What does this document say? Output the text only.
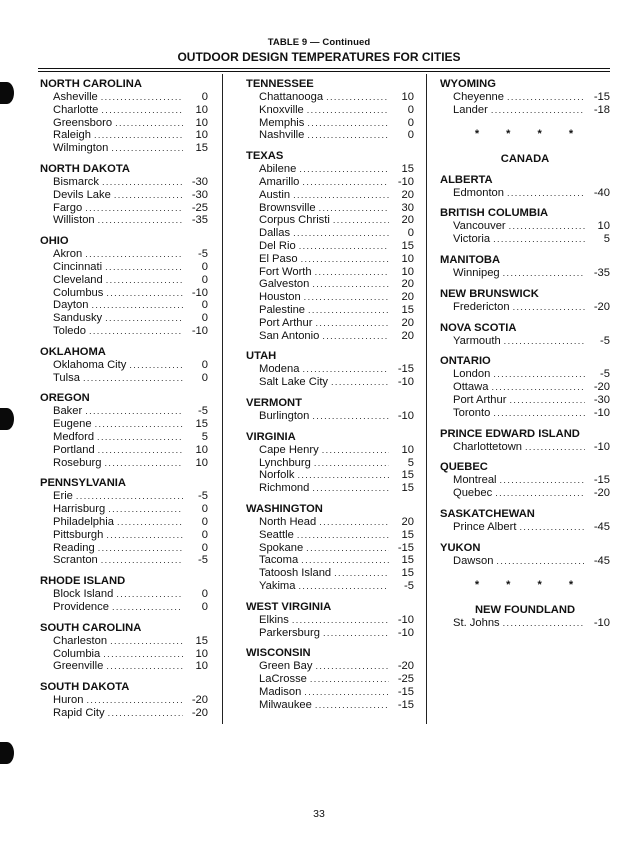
TABLE 9 — Continued
OUTDOOR DESIGN TEMPERATURES FOR CITIES
NORTH CAROLINA
Asheville .....	0
Charlotte .....	10
Greensboro .....	10
Raleigh .....	10
Wilmington .....	15
NORTH DAKOTA
Bismarck .....	-30
Devils Lake .....	-30
Fargo .....	-25
Williston .....	-35
OHIO
Akron .....	-5
Cincinnati .....	0
Cleveland .....	0
Columbus .....	-10
Dayton .....	0
Sandusky .....	0
Toledo .....	-10
OKLAHOMA
Oklahoma City .....	0
Tulsa .....	0
OREGON
Baker .....	-5
Eugene .....	15
Medford .....	5
Portland .....	10
Roseburg .....	10
PENNSYLVANIA
Erie .....	-5
Harrisburg .....	0
Philadelphia .....	0
Pittsburgh .....	0
Reading .....	0
Scranton .....	-5
RHODE ISLAND
Block Island .....	0
Providence .....	0
SOUTH CAROLINA
Charleston .....	15
Columbia .....	10
Greenville .....	10
SOUTH DAKOTA
Huron .....	-20
Rapid City .....	-20
TENNESSEE
Chattanooga .....	10
Knoxville .....	0
Memphis .....	0
Nashville .....	0
TEXAS
Abilene .....	15
Amarillo .....	-10
Austin .....	20
Brownsville .....	30
Corpus Christi .....	20
Dallas .....	0
Del Rio .....	15
El Paso .....	10
Fort Worth .....	10
Galveston .....	20
Houston .....	20
Palestine .....	15
Port Arthur .....	20
San Antonio .....	20
UTAH
Modena .....	-15
Salt Lake City .....	-10
VERMONT
Burlington .....	-10
VIRGINIA
Cape Henry .....	10
Lynchburg .....	5
Norfolk .....	15
Richmond .....	15
WASHINGTON
North Head .....	20
Seattle .....	15
Spokane .....	-15
Tacoma .....	15
Tatoosh Island .....	15
Yakima .....	-5
WEST VIRGINIA
Elkins .....	-10
Parkersburg .....	-10
WISCONSIN
Green Bay .....	-20
LaCrosse .....	-25
Madison .....	-15
Milwaukee .....	-15
WYOMING
Cheyenne .....	-15
Lander .....	-18
* * * *
CANADA
ALBERTA
Edmonton .....	-40
BRITISH COLUMBIA
Vancouver .....	10
Victoria .....	5
MANITOBA
Winnipeg .....	-35
NEW BRUNSWICK
Fredericton .....	-20
NOVA SCOTIA
Yarmouth .....	-5
ONTARIO
London .....	-5
Ottawa .....	-20
Port Arthur .....	-30
Toronto .....	-10
PRINCE EDWARD ISLAND
Charlottetown .....	-10
QUEBEC
Montreal .....	-15
Quebec .....	-20
SASKATCHEWAN
Prince Albert .....	-45
YUKON
Dawson .....	-45
* * * *
NEW FOUNDLAND
St. Johns .....	-10
33
